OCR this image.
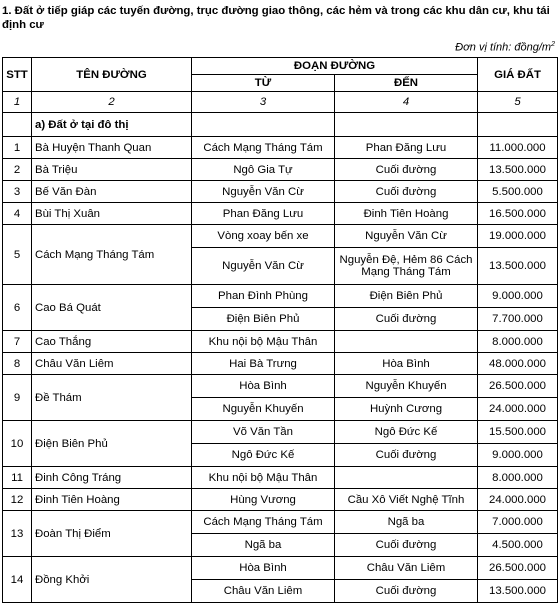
1. Đất ở tiếp giáp các tuyến đường, trục đường giao thông, các hẻm và trong các khu dân cư, khu tái định cư
Đơn vị tính: đồng/$m^2$
STT	TÊN ĐƯỜNG	ĐOẠN ĐƯỜNG		GIÁ ĐẤT
		TỪ	ĐẾN	
1	2	3	4	5
	a) Đất ở tại đô thị			
1	Bà Huyện Thanh Quan	Cách Mạng Tháng Tám	Phan Đăng Lưu	11.000.000
2	Bà Triệu	Ngô Gia Tự	Cuối đường	13.500.000
3	Bế Văn Đàn	Nguyễn Văn Cừ	Cuối đường	5.500.000
4	Bùi Thị Xuân	Phan Đăng Lưu	Đinh Tiên Hoàng	16.500.000
5	Cách Mạng Tháng Tám	Vòng xoay bến xe	Nguyễn Văn Cừ	19.000.000
		Nguyễn Văn Cừ	Nguyễn Đệ, Hẻm 86 Cách Mạng Tháng Tám	13.500.000
6	Cao Bá Quát	Phan Đình Phùng	Điện Biên Phủ	9.000.000
		Điện Biên Phủ	Cuối đường	7.700.000
7	Cao Thắng	Khu nội bộ Mậu Thân		8.000.000
8	Châu Văn Liêm	Hai Bà Trưng	Hòa Bình	48.000.000
9	Đề Thám	Hòa Bình	Nguyễn Khuyến	26.500.000
		Nguyễn Khuyến	Huỳnh Cương	24.000.000
10	Điện Biên Phủ	Võ Văn Tần	Ngô Đức Kế	15.500.000
		Ngô Đức Kế	Cuối đường	9.000.000
11	Đinh Công Tráng	Khu nội bộ Mậu Thân		8.000.000
12	Đinh Tiên Hoàng	Hùng Vương	Cầu Xô Viết Nghệ Tĩnh	24.000.000
13	Đoàn Thị Điểm	Cách Mạng Tháng Tám	Ngã ba	7.000.000
		Ngã ba	Cuối đường	4.500.000
14	Đồng Khởi	Hòa Bình	Châu Văn Liêm	26.500.000
		Châu Văn Liêm	Cuối đường	13.500.000
